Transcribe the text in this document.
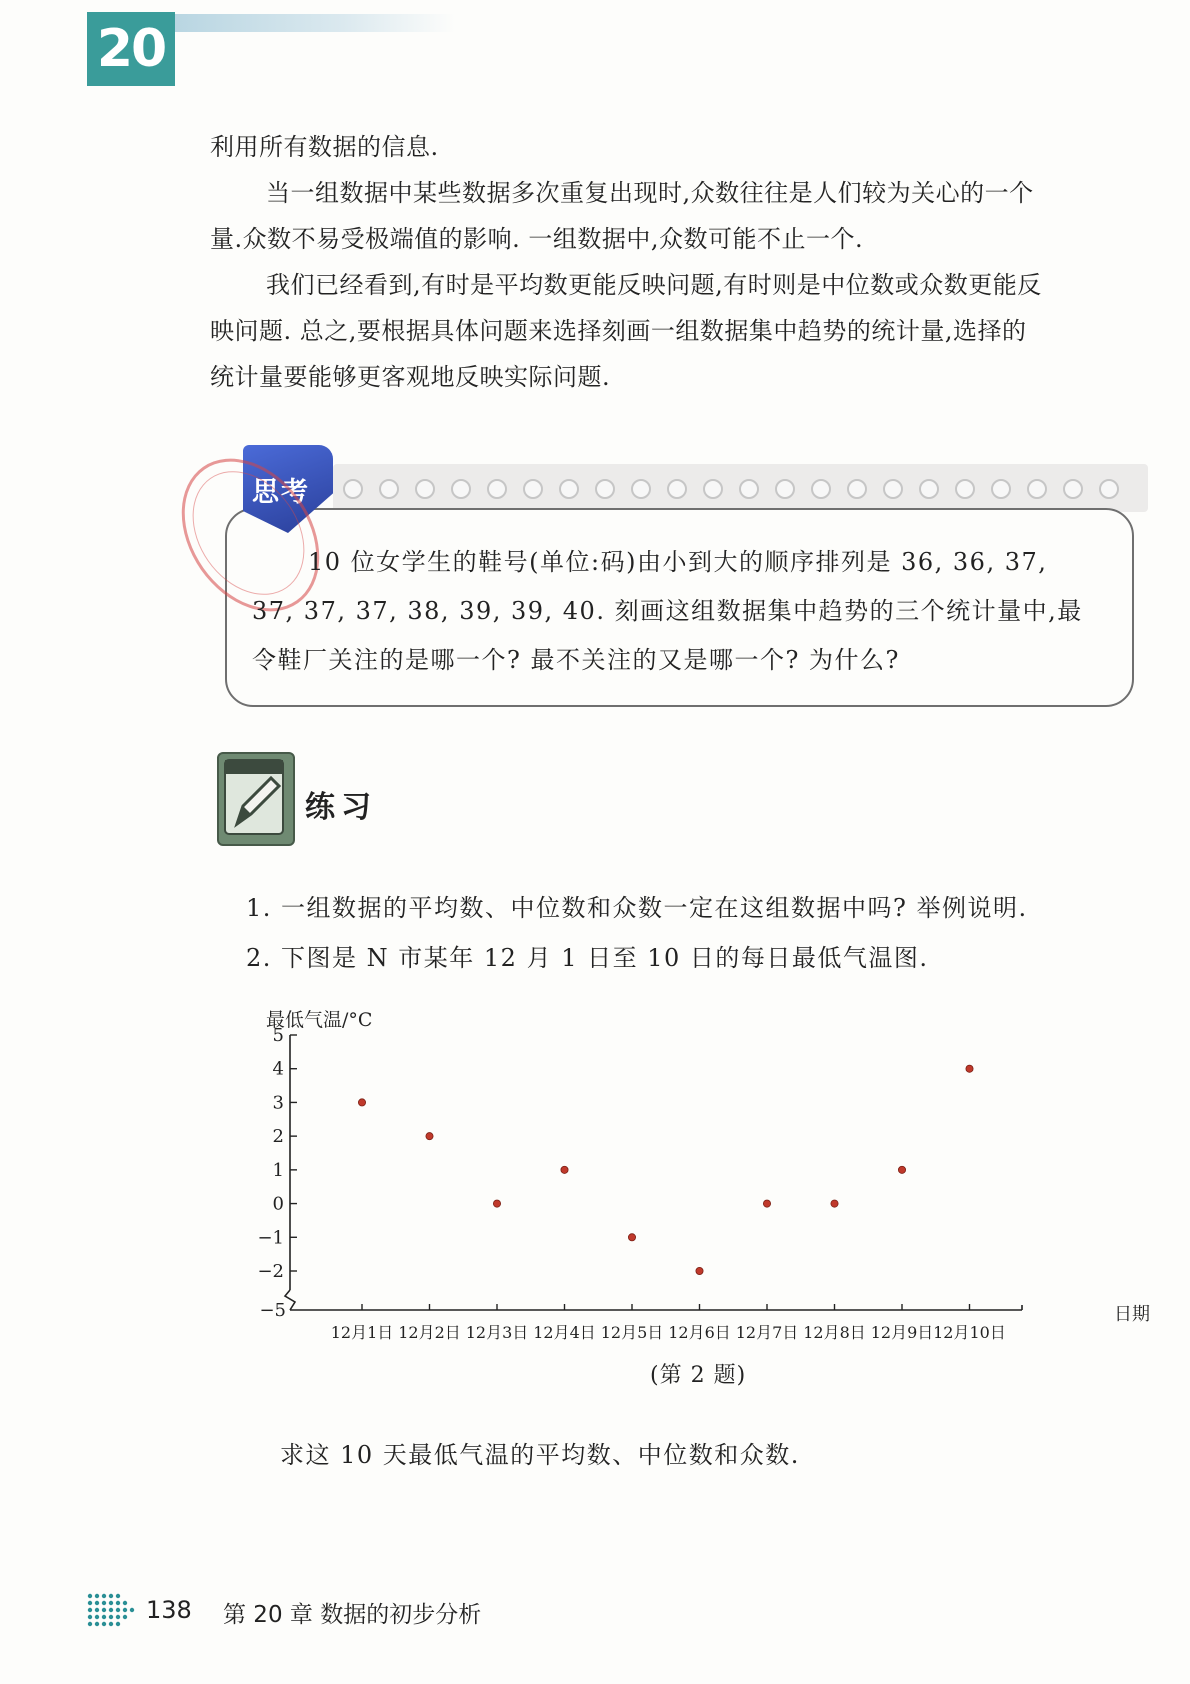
20

利用所有数据的信息.

当一组数据中某些数据多次重复出现时,众数往往是人们较为关心的一个

量.众数不易受极端值的影响. 一组数据中,众数可能不止一个.

我们已经看到,有时是平均数更能反映问题,有时则是中位数或众数更能反

映问题. 总之,要根据具体问题来选择刻画一组数据集中趋势的统计量,选择的

统计量要能够更客观地反映实际问题.

思考

10 位女学生的鞋号(单位:码)由小到大的顺序排列是 36, 36, 37,

37, 37, 37, 38, 39, 39, 40. 刻画这组数据集中趋势的三个统计量中,最

令鞋厂关注的是哪一个? 最不关注的又是哪一个? 为什么?

练习
1. 一组数据的平均数、中位数和众数一定在这组数据中吗? 举例说明.
2. 下图是 N 市某年 12 月 1 日至 10 日的每日最低气温图.
最低气温/°C
5
4
3
2
1
0
−1
−2
−5
12月1日 12月2日 12月3日 12月4日 12月5日 12月6日 12月7日 12月8日 12月9日 12月10日
日期
(第 2 题)
求这 10 天最低气温的平均数、中位数和众数.
138 第 20 章 数据的初步分析
